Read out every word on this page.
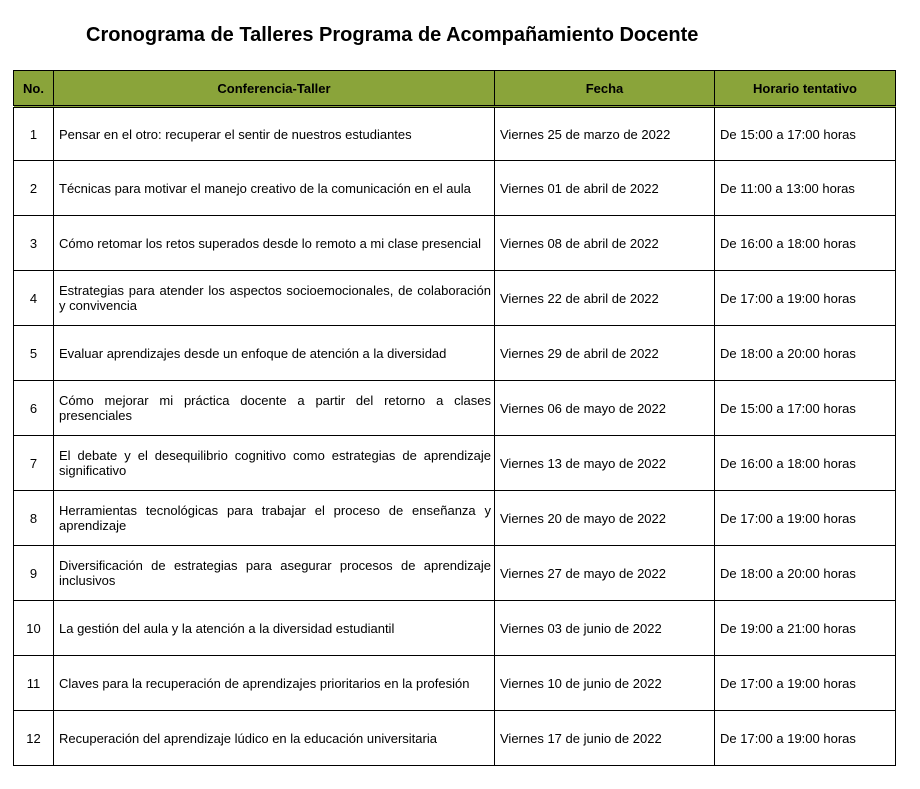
Cronograma de Talleres Programa de Acompañamiento Docente
No.	Conferencia-Taller	Fecha	Horario tentativo
1	Pensar en el otro: recuperar el sentir de nuestros estudiantes	Viernes 25 de marzo de 2022	De 15:00 a 17:00 horas
2	Técnicas para motivar el manejo creativo de la comunicación en el aula	Viernes 01 de abril de 2022	De 11:00 a 13:00 horas
3	Cómo retomar los retos superados desde lo remoto a mi clase presencial	Viernes 08 de abril de 2022	De 16:00 a 18:00 horas
4	Estrategias para atender los aspectos socioemocionales, de colaboración y convivencia	Viernes 22 de abril de 2022	De 17:00 a 19:00 horas
5	Evaluar aprendizajes desde un enfoque de atención a la diversidad	Viernes 29 de abril de 2022	De 18:00 a 20:00 horas
6	Cómo mejorar mi práctica docente a partir del retorno a clases presenciales	Viernes 06 de mayo de 2022	De 15:00 a 17:00 horas
7	El debate y el desequilibrio cognitivo como estrategias de aprendizaje significativo	Viernes 13 de mayo de 2022	De 16:00 a 18:00 horas
8	Herramientas tecnológicas para trabajar el proceso de enseñanza y aprendizaje	Viernes 20 de mayo de 2022	De 17:00 a 19:00 horas
9	Diversificación de estrategias para asegurar procesos de aprendizaje inclusivos	Viernes 27 de mayo de 2022	De 18:00 a 20:00 horas
10	La gestión del aula y la atención a la diversidad estudiantil	Viernes 03 de junio de 2022	De 19:00 a 21:00 horas
11	Claves para la recuperación de aprendizajes prioritarios en la profesión	Viernes 10 de junio de 2022	De 17:00 a 19:00 horas
12	Recuperación del aprendizaje lúdico en la educación universitaria	Viernes 17 de junio de 2022	De 17:00 a 19:00 horas
